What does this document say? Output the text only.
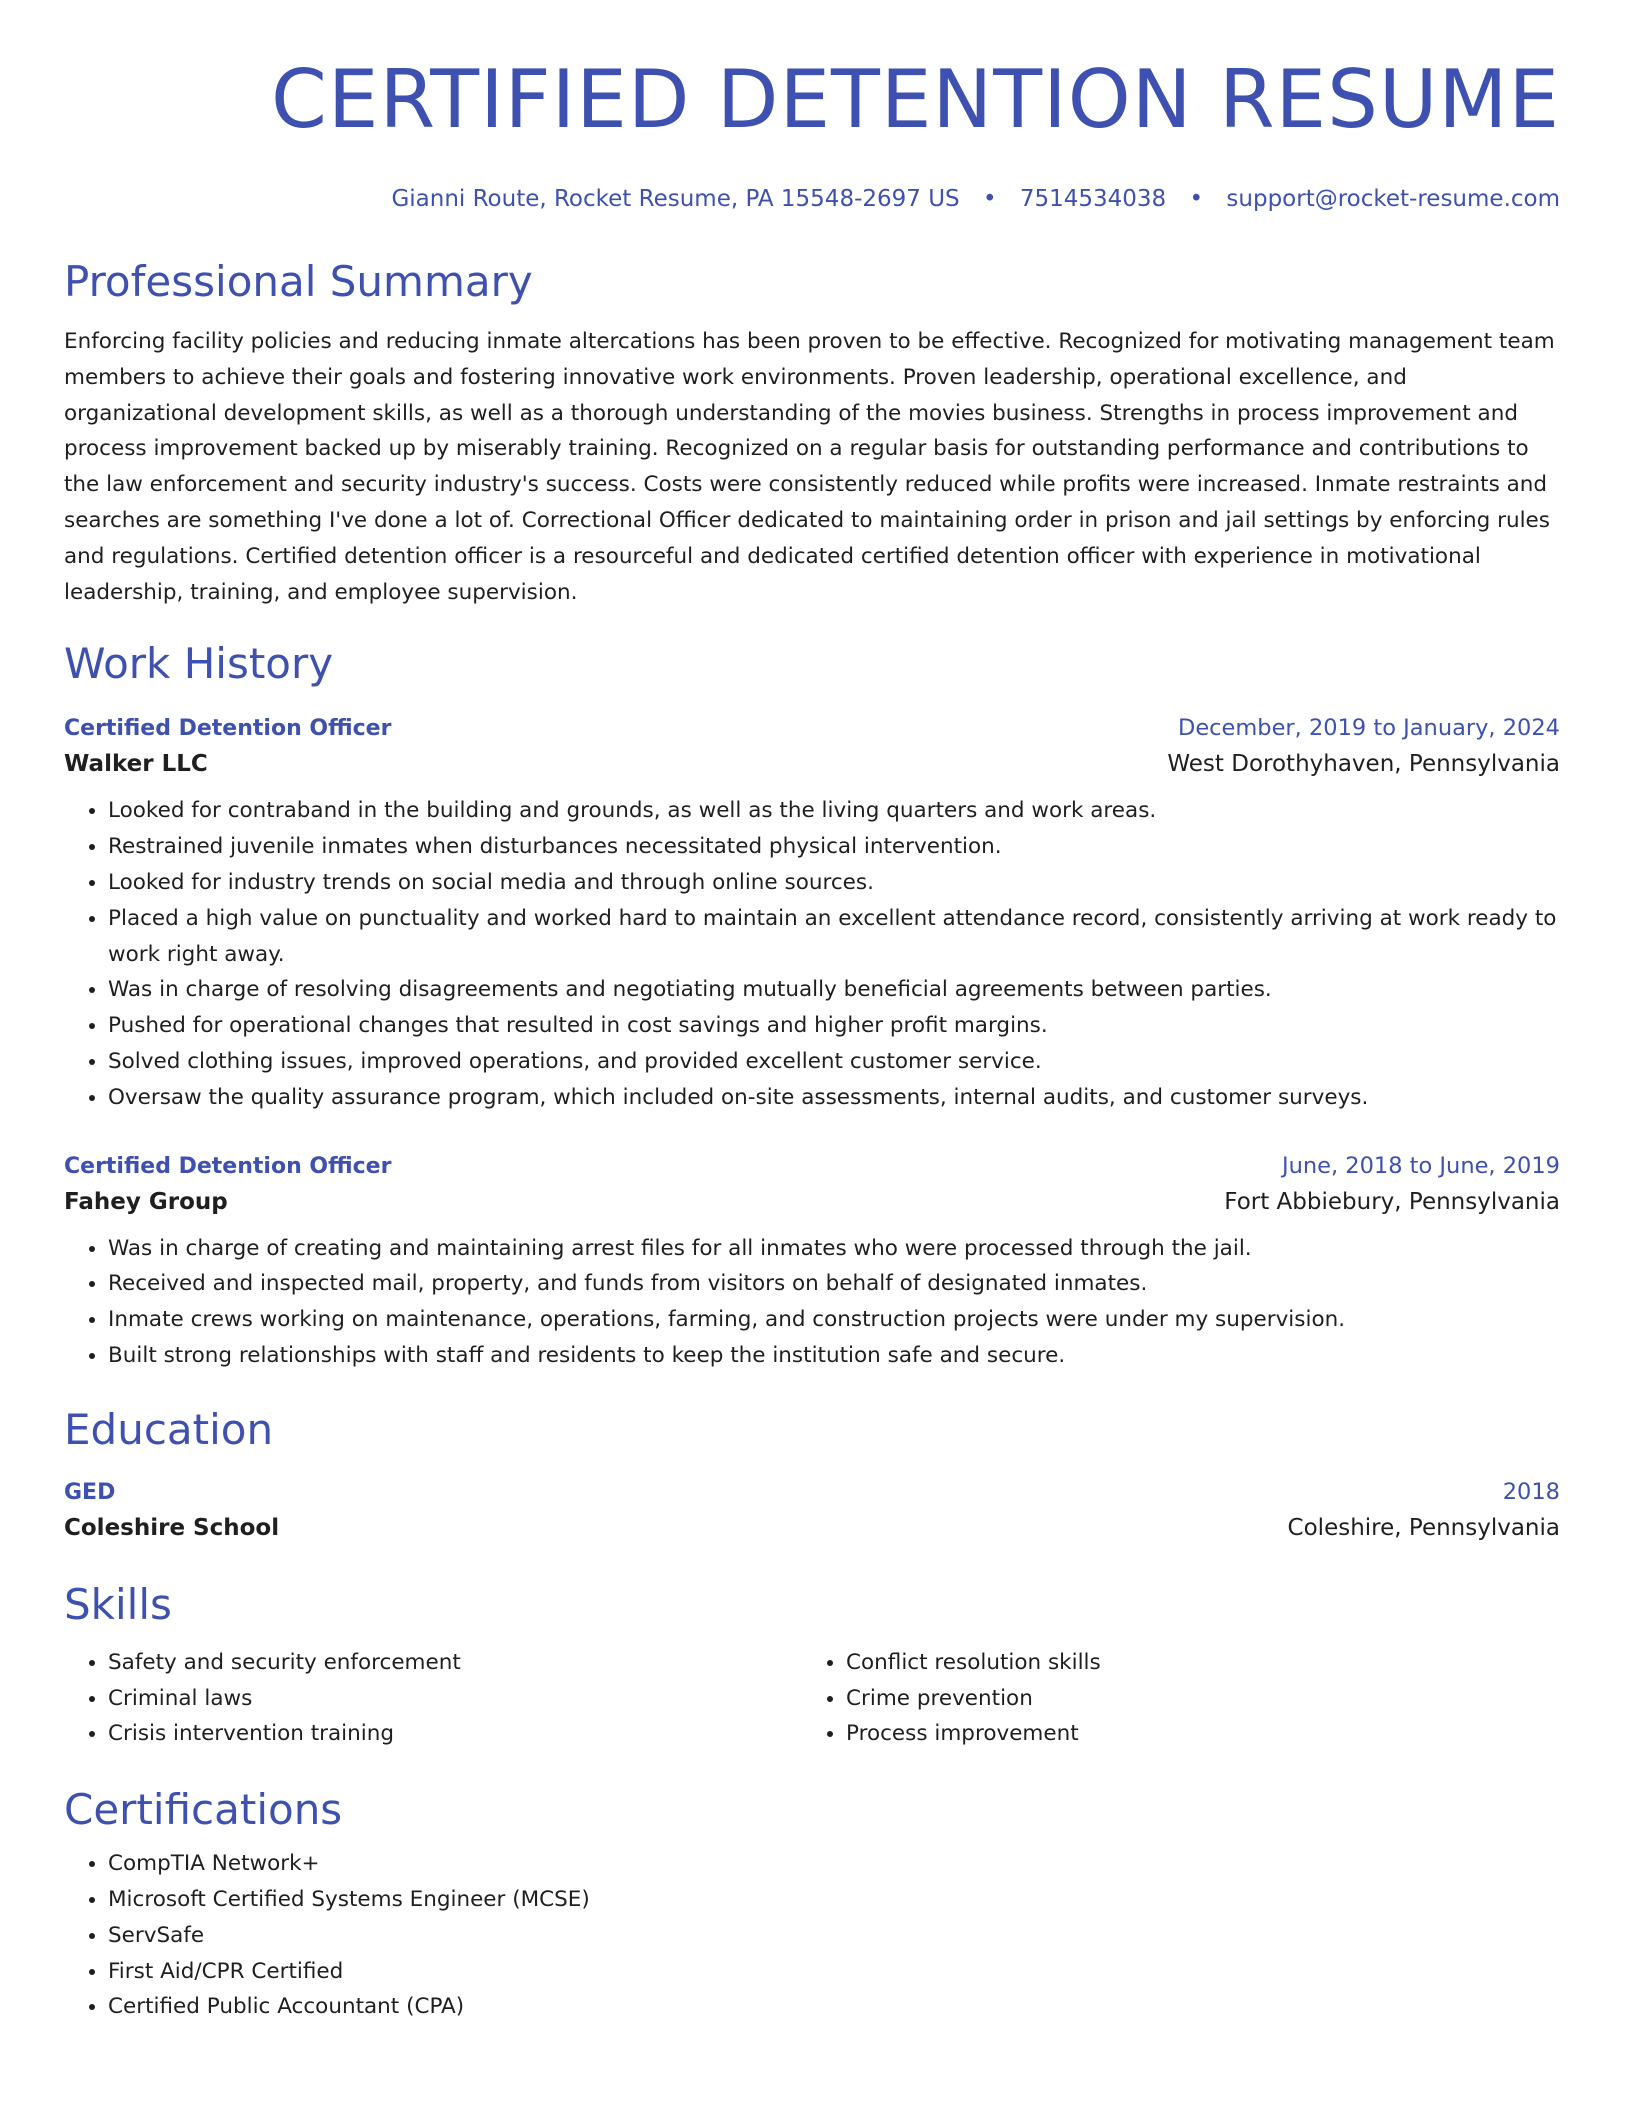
CERTIFIED DETENTION RESUME
Gianni Route, Rocket Resume, PA 15548-2697 US • 7514534038 • support@rocket-resume.com
Professional Summary

Enforcing facility policies and reducing inmate altercations has been proven to be effective. Recognized for motivating management team members to achieve their goals and fostering innovative work environments. Proven leadership, operational excellence, and organizational development skills, as well as a thorough understanding of the movies business. Strengths in process improvement and process improvement backed up by miserably training. Recognized on a regular basis for outstanding performance and contributions to the law enforcement and security industry's success. Costs were consistently reduced while profits were increased. Inmate restraints and searches are something I've done a lot of. Correctional Officer dedicated to maintaining order in prison and jail settings by enforcing rules and regulations. Certified detention officer is a resourceful and dedicated certified detention officer with experience in motivational leadership, training, and employee supervision.

Work History
Certified Detention Officer	December, 2019 to January, 2024
Walker LLC	West Dorothyhaven, Pennsylvania
• Looked for contraband in the building and grounds, as well as the living quarters and work areas.
• Restrained juvenile inmates when disturbances necessitated physical intervention.
• Looked for industry trends on social media and through online sources.
• Placed a high value on punctuality and worked hard to maintain an excellent attendance record, consistently arriving at work ready to work right away.
• Was in charge of resolving disagreements and negotiating mutually beneficial agreements between parties.
• Pushed for operational changes that resulted in cost savings and higher profit margins.
• Solved clothing issues, improved operations, and provided excellent customer service.
• Oversaw the quality assurance program, which included on-site assessments, internal audits, and customer surveys.
Certified Detention Officer	June, 2018 to June, 2019
Fahey Group	Fort Abbiebury, Pennsylvania
• Was in charge of creating and maintaining arrest files for all inmates who were processed through the jail.
• Received and inspected mail, property, and funds from visitors on behalf of designated inmates.
• Inmate crews working on maintenance, operations, farming, and construction projects were under my supervision.
• Built strong relationships with staff and residents to keep the institution safe and secure.
Education
GED	2018
Coleshire School	Coleshire, Pennsylvania
Skills
• Safety and security enforcement
• Criminal laws
• Crisis intervention training
• Conflict resolution skills
• Crime prevention
• Process improvement
Certifications
• CompTIA Network+
• Microsoft Certified Systems Engineer (MCSE)
• ServSafe
• First Aid/CPR Certified
• Certified Public Accountant (CPA)
